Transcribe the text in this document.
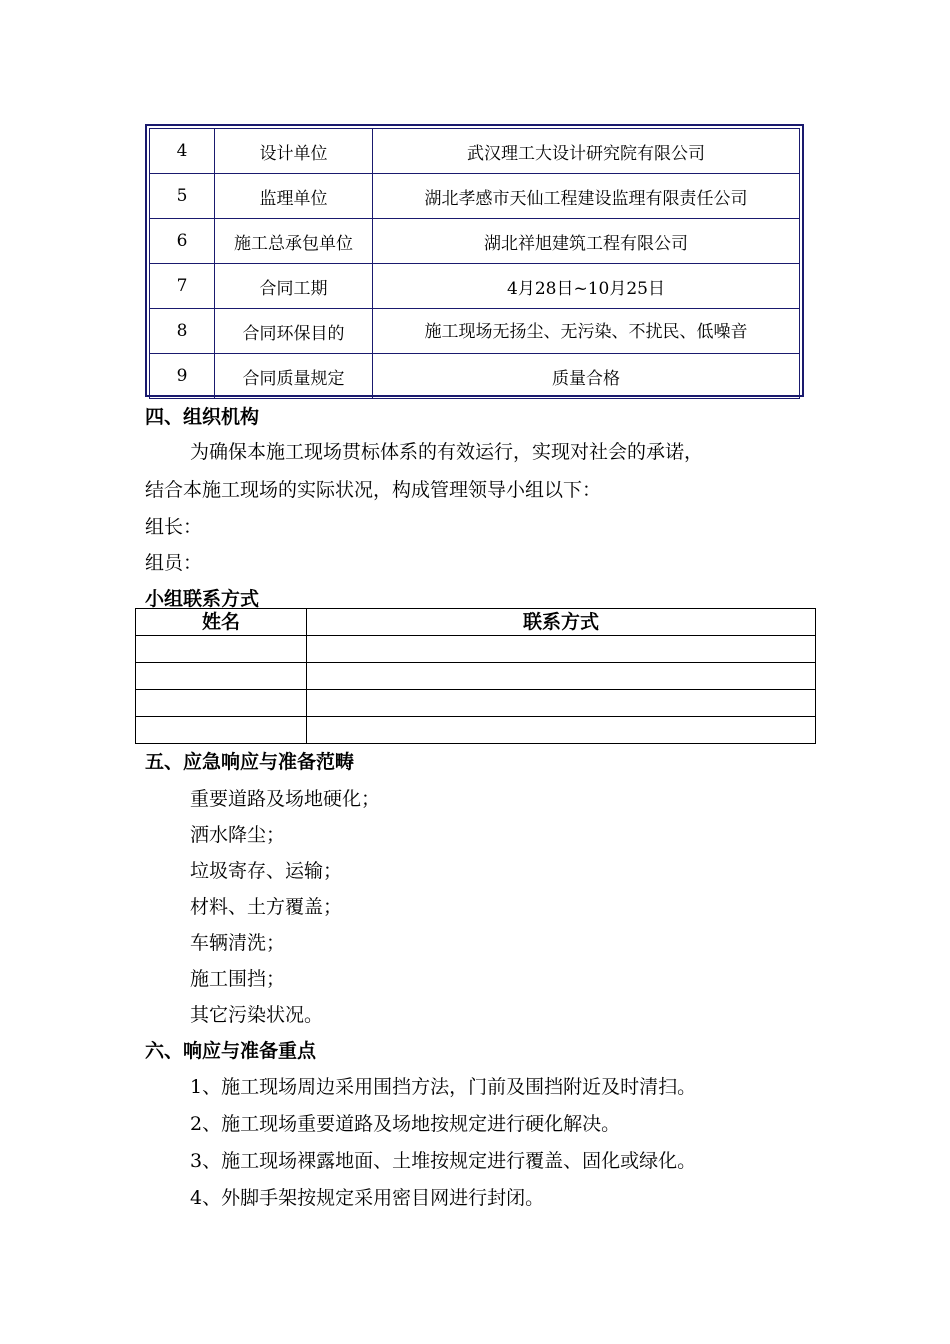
4	设计单位	武汉理工大设计研究院有限公司
5	监理单位	湖北孝感市天仙工程建设监理有限责任公司
6	施工总承包单位	湖北祥旭建筑工程有限公司
7	合同工期	4月28日~10月25日
8	合同环保目的	施工现场无扬尘、无污染、不扰民、低噪音
9	合同质量规定	质量合格
四、组织机构
为确保本施工现场贯标体系的有效运行，实现对社会的承诺，
结合本施工现场的实际状况，构成管理领导小组以下：
组长：
组员：
小组联系方式
姓名	联系方式

五、应急响应与准备范畴
重要道路及场地硬化；
洒水降尘；
垃圾寄存、运输；
材料、土方覆盖；
车辆清洗；
施工围挡；
其它污染状况。
六、响应与准备重点
1、施工现场周边采用围挡方法，门前及围挡附近及时清扫。
2、施工现场重要道路及场地按规定进行硬化解决。
3、施工现场裸露地面、土堆按规定进行覆盖、固化或绿化。
4、外脚手架按规定采用密目网进行封闭。
